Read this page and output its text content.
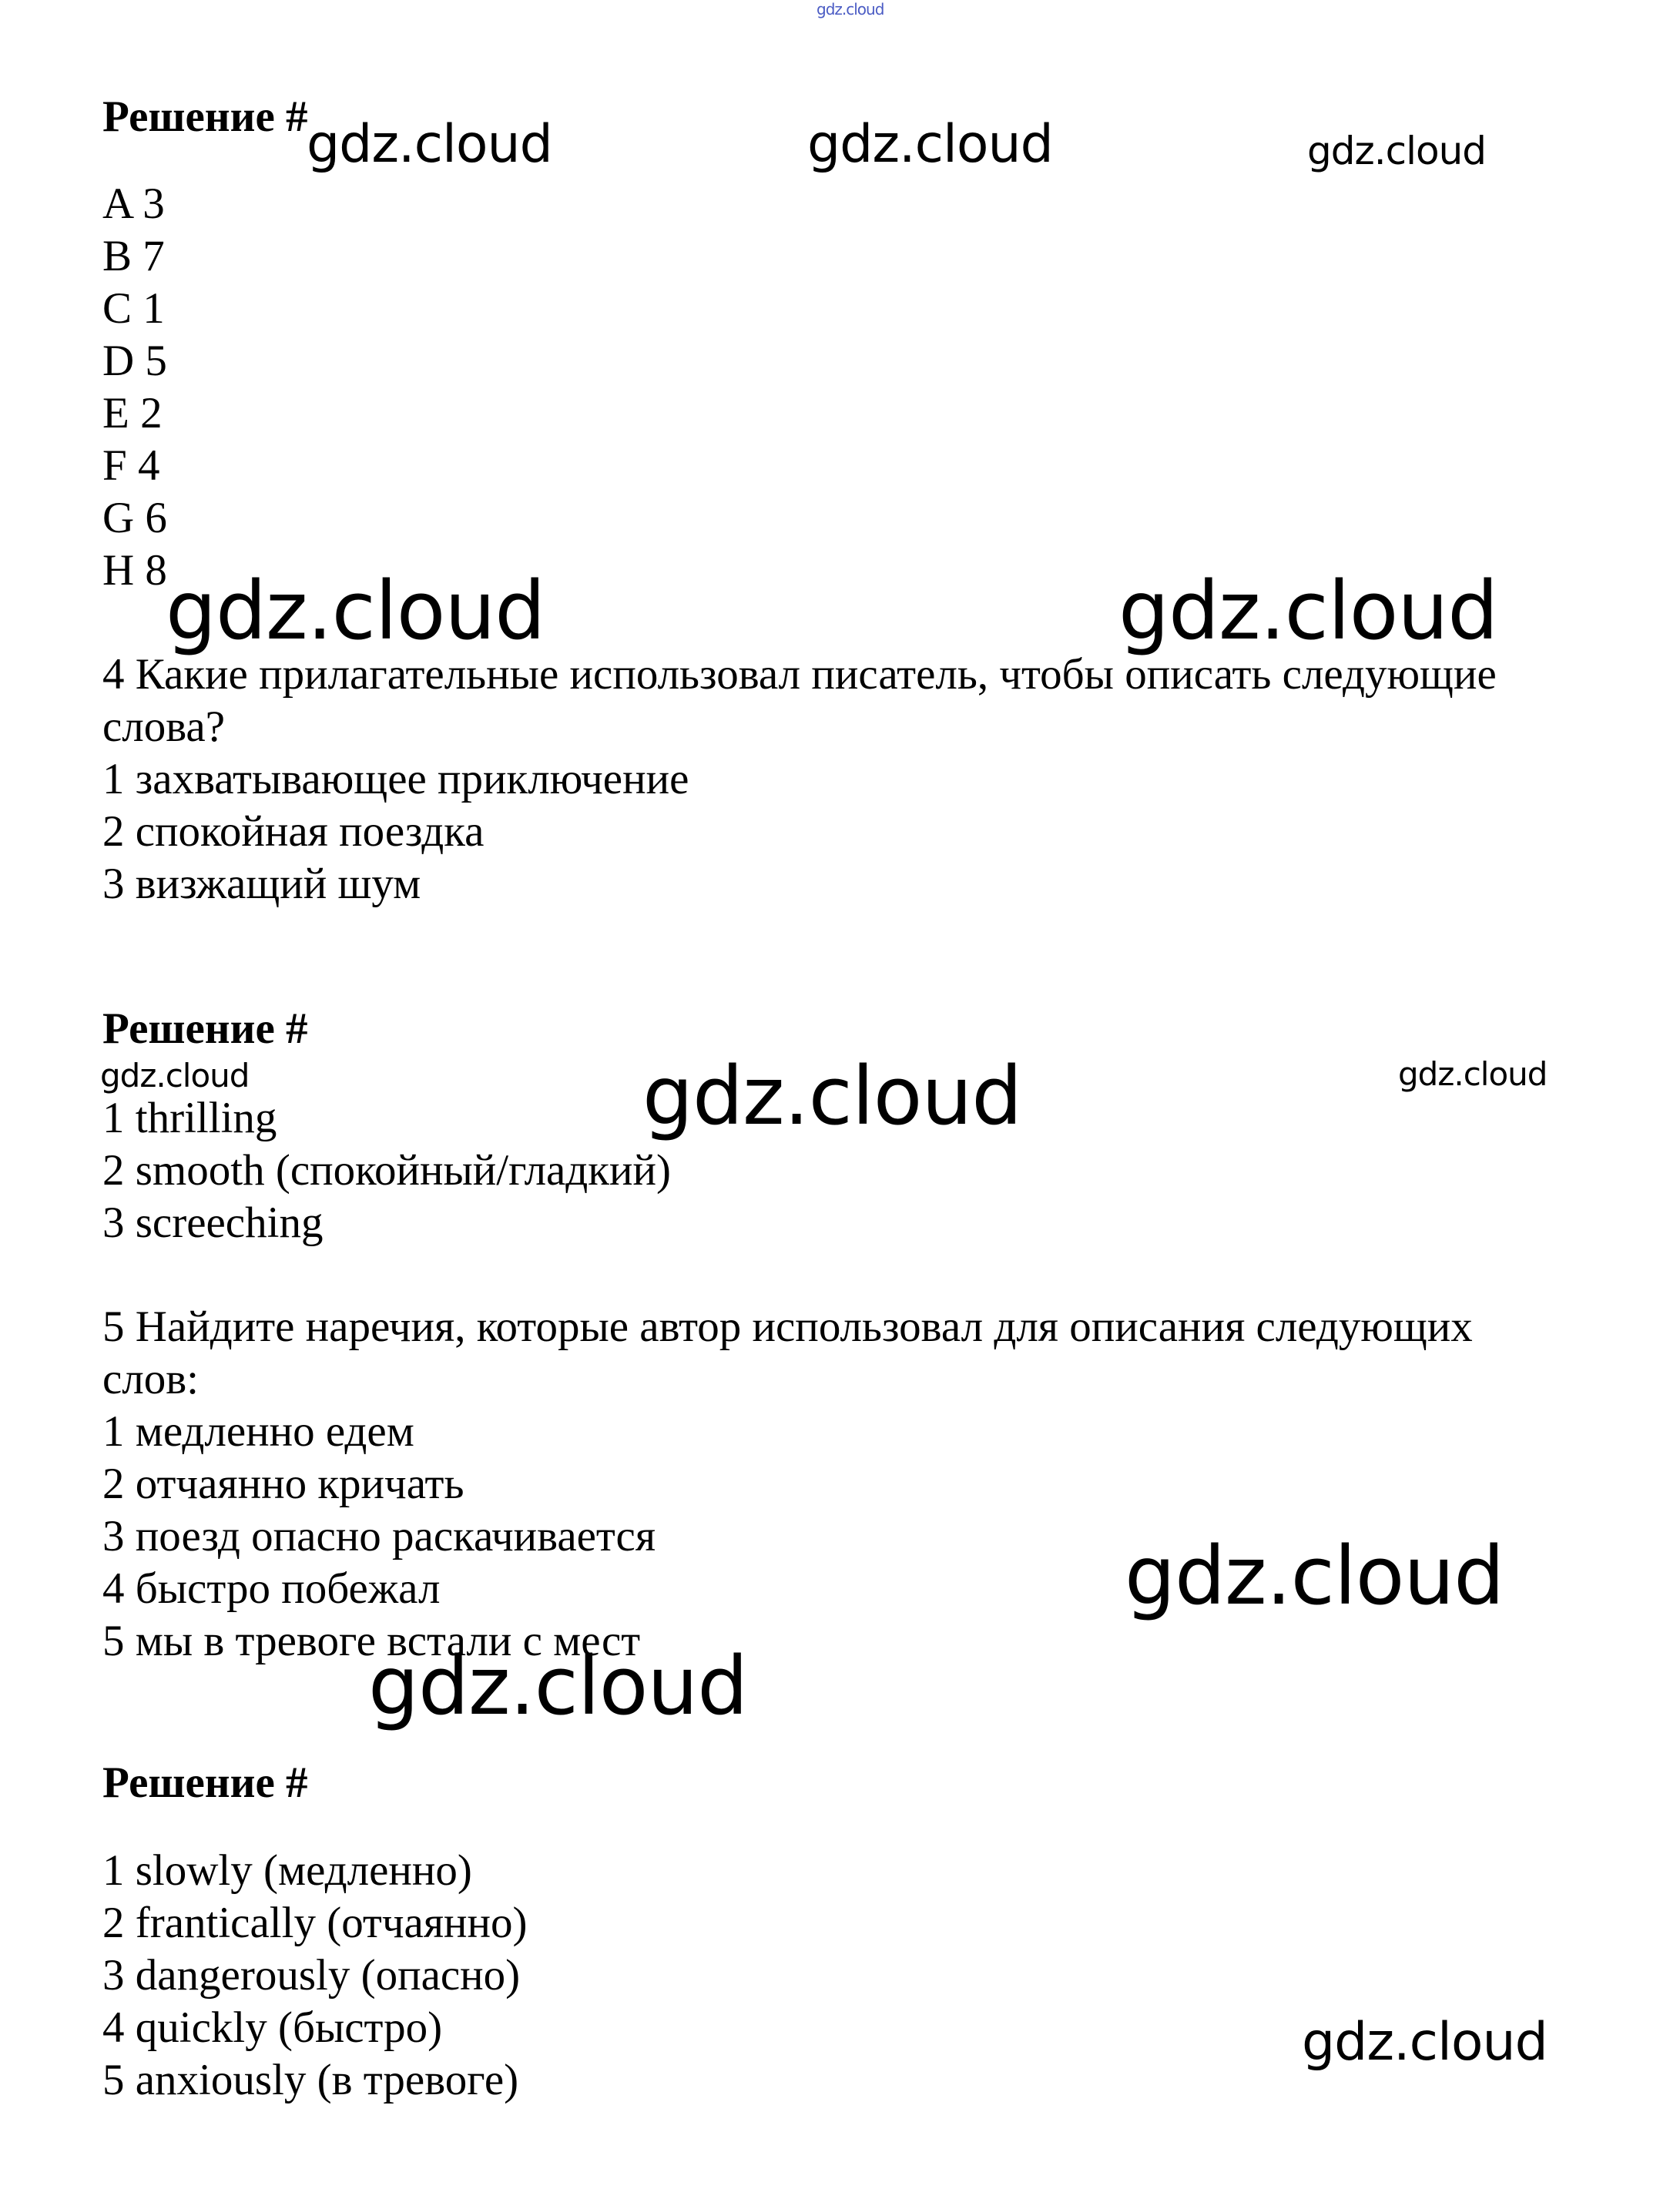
gdz.cloud
Решение #
A 3
B 7
C 1
D 5
E 2
F 4
G 6
H 8
4 Какие прилагательные использовал писатель, чтобы описать следующие
слова?
1 захватывающее приключение
2 спокойная поездка
3 визжащий шум
Решение #
1 thrilling
2 smooth (спокойный/гладкий)
3 screeching
5 Найдите наречия, которые автор использовал для описания следующих
слов:
1 медленно едем
2 отчаянно кричать
3 поезд опасно раскачивается
4 быстро побежал
5 мы в тревоге встали с мест
Решение #
1 slowly (медленно)
2 frantically (отчаянно)
3 dangerously (опасно)
4 quickly (быстро)
5 anxiously (в тревоге)
gdz.cloud	gdz.cloud	gdz.cloud
gdz.cloud	gdz.cloud
gdz.cloud	gdz.cloud	gdz.cloud
gdz.cloud
gdz.cloud
gdz.cloud
